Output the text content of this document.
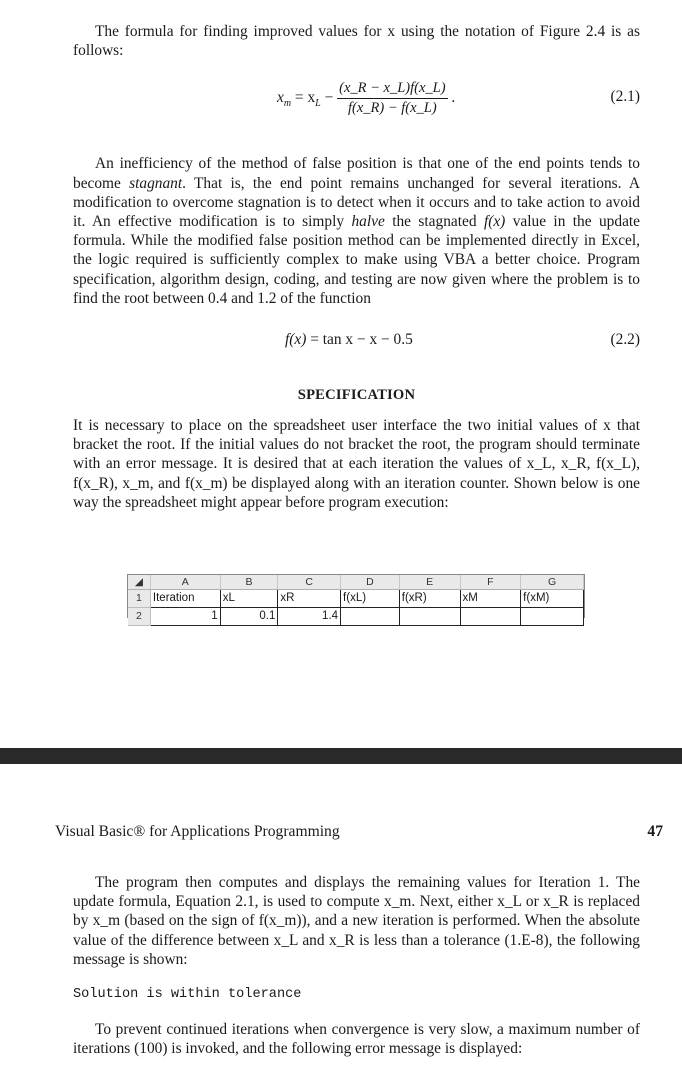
The formula for finding improved values for x using the notation of Figure 2.4 is as follows:

$x_m = x_L - \frac{(x\_R - x\_L)f(x\_L)}{f(x\_R) - f(x\_L)}$ .	(2.1)

An inefficiency of the method of false position is that one of the end points tends to become stagnant. That is, the end point remains unchanged for several iterations. A modification to overcome stagnation is to detect when it occurs and to take action to avoid it. An effective modification is to simply halve the stagnated f(x) value in the update formula. While the modified false position method can be implemented directly in Excel, the logic required is sufficiently complex to make using VBA a better choice. Program specification, algorithm design, coding, and testing are now given where the problem is to find the root between 0.4 and 1.2 of the function

f(x) = tan x − x − 0.5	(2.2)
SPECIFICATION

It is necessary to place on the spreadsheet user interface the two initial values of x that bracket the root. If the initial values do not bracket the root, the program should terminate with an error message. It is desired that at each iteration the values of x_L, x_R, f(x_L), f(x_R), x_m, and f(x_m) be displayed along with an iteration counter. Shown below is one way the spreadsheet might appear before program execution:

◢	A	B	C	D	E	F	G
1	Iteration	xL	xR	f(xL)	f(xR)	xM	f(xM)
2	1	0.1	1.4				
Visual Basic® for Applications Programming	47

The program then computes and displays the remaining values for Iteration 1. The update formula, Equation 2.1, is used to compute x_m. Next, either x_L or x_R is replaced by x_m (based on the sign of f(x_m)), and a new iteration is performed. When the absolute value of the difference between x_L and x_R is less than a tolerance (1.E-8), the following message is shown:

Solution is within tolerance

To prevent continued iterations when convergence is very slow, a maximum number of iterations (100) is invoked, and the following error message is displayed:
